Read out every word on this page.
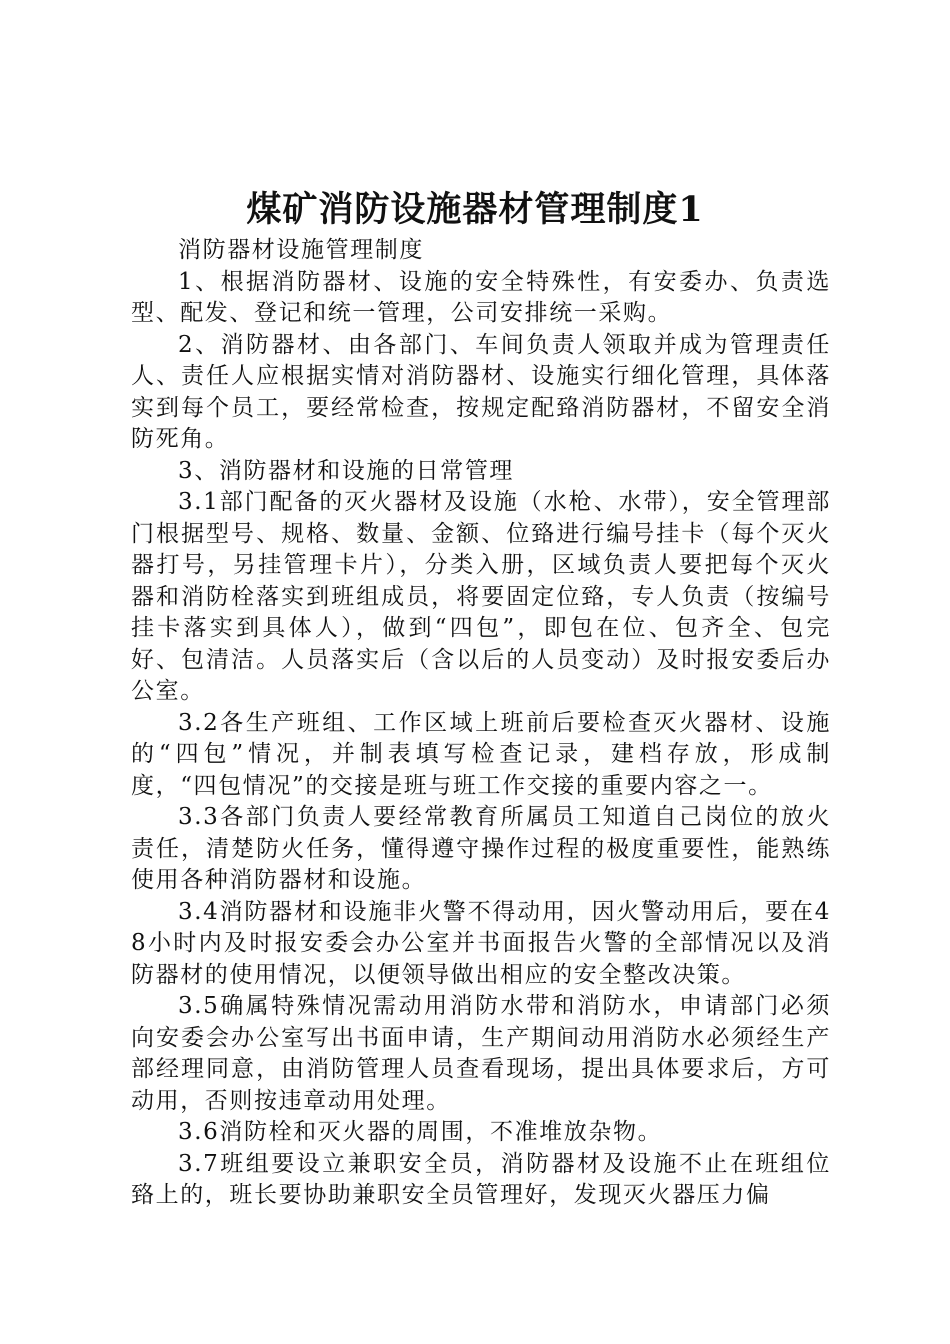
煤矿消防设施器材管理制度1

消防器材设施管理制度

1、根据消防器材、设施的安全特殊性，有安委办、负责选型、配发、登记和统一管理，公司安排统一采购。

2、消防器材、由各部门、车间负责人领取并成为管理责任人、责任人应根据实情对消防器材、设施实行细化管理，具体落实到每个员工，要经常检查，按规定配臵消防器材，不留安全消防死角。

3、消防器材和设施的日常管理

3.1部门配备的灭火器材及设施（水枪、水带），安全管理部门根据型号、规格、数量、金额、位臵进行编号挂卡（每个灭火器打号，另挂管理卡片），分类入册，区域负责人要把每个灭火器和消防栓落实到班组成员，将要固定位臵，专人负责（按编号挂卡落实到具体人），做到“四包”，即包在位、包齐全、包完好、包清洁。人员落实后（含以后的人员变动）及时报安委后办公室。

3.2各生产班组、工作区域上班前后要检查灭火器材、设施的“四包”情况，并制表填写检查记录，建档存放，形成制度，“四包情况”的交接是班与班工作交接的重要内容之一。

3.3各部门负责人要经常教育所属员工知道自己岗位的放火责任，清楚防火任务，懂得遵守操作过程的极度重要性，能熟练使用各种消防器材和设施。

3.4消防器材和设施非火警不得动用，因火警动用后，要在48小时内及时报安委会办公室并书面报告火警的全部情况以及消防器材的使用情况，以便领导做出相应的安全整改决策。

3.5确属特殊情况需动用消防水带和消防水，申请部门必须向安委会办公室写出书面申请，生产期间动用消防水必须经生产部经理同意，由消防管理人员查看现场，提出具体要求后，方可动用，否则按违章动用处理。

3.6消防栓和灭火器的周围，不准堆放杂物。

3.7班组要设立兼职安全员，消防器材及设施不止在班组位臵上的，班长要协助兼职安全员管理好，发现灭火器压力偏
